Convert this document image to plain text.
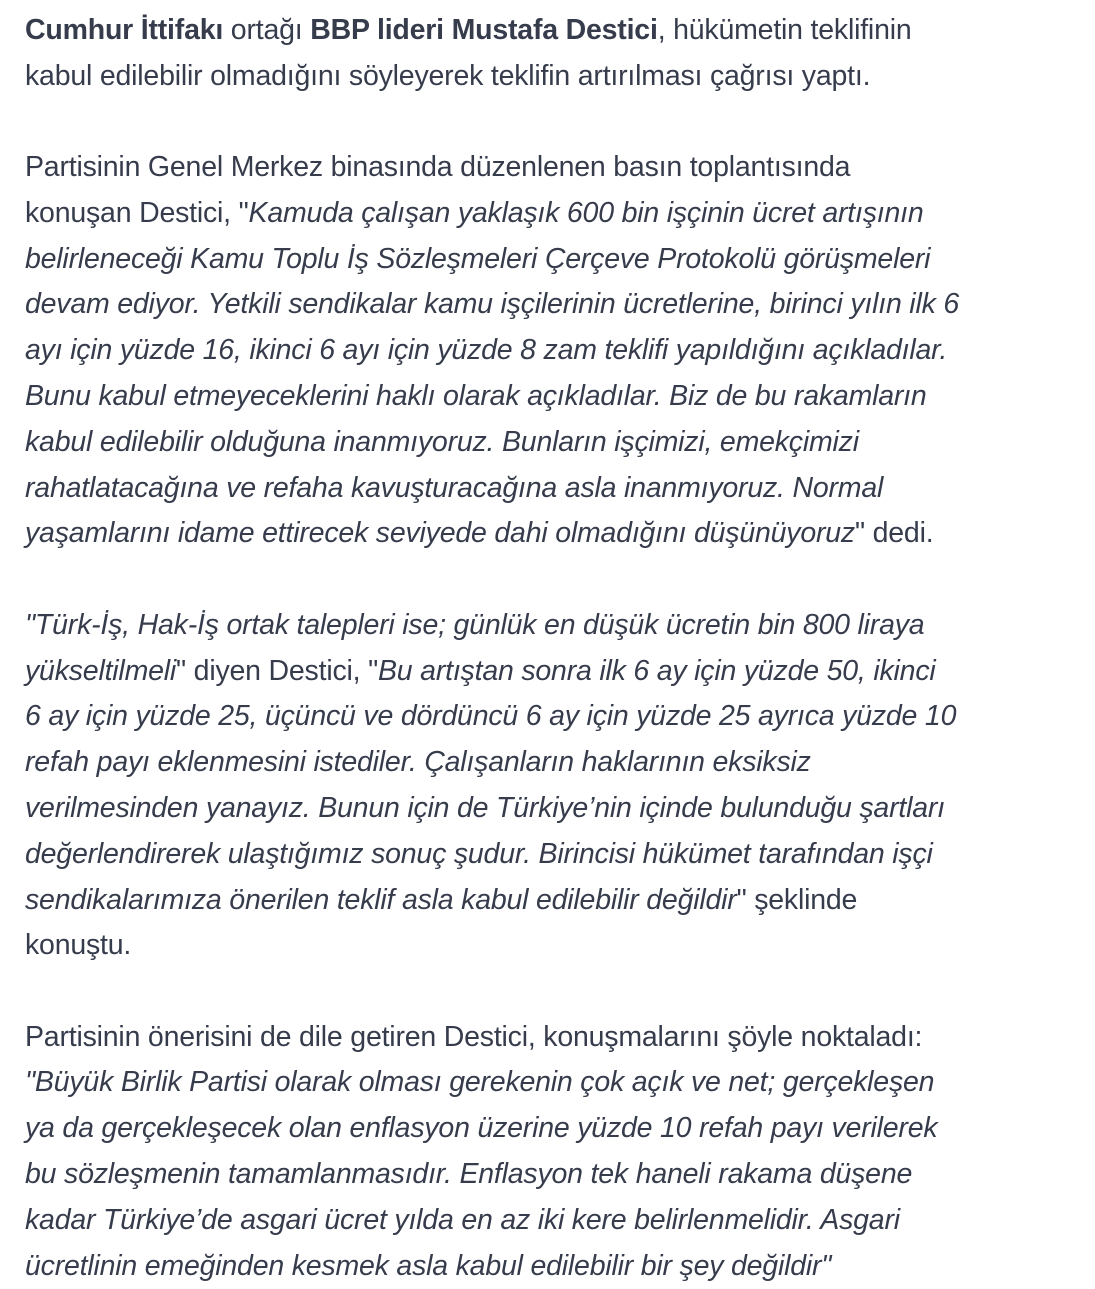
Cumhur İttifakı ortağı BBP lideri Mustafa Destici, hükümetin teklifinin
kabul edilebilir olmadığını söyleyerek teklifin artırılması çağrısı yaptı.

Partisinin Genel Merkez binasında düzenlenen basın toplantısında
konuşan Destici, "Kamuda çalışan yaklaşık 600 bin işçinin ücret artışının
belirleneceği Kamu Toplu İş Sözleşmeleri Çerçeve Protokolü görüşmeleri
devam ediyor. Yetkili sendikalar kamu işçilerinin ücretlerine, birinci yılın ilk 6
ayı için yüzde 16, ikinci 6 ayı için yüzde 8 zam teklifi yapıldığını açıkladılar.
Bunu kabul etmeyeceklerini haklı olarak açıkladılar. Biz de bu rakamların
kabul edilebilir olduğuna inanmıyoruz. Bunların işçimizi, emekçimizi
rahatlatacağına ve refaha kavuşturacağına asla inanmıyoruz. Normal
yaşamlarını idame ettirecek seviyede dahi olmadığını düşünüyoruz" dedi.

"Türk-İş, Hak-İş ortak talepleri ise; günlük en düşük ücretin bin 800 liraya
yükseltilmeli" diyen Destici, "Bu artıştan sonra ilk 6 ay için yüzde 50, ikinci
6 ay için yüzde 25, üçüncü ve dördüncü 6 ay için yüzde 25 ayrıca yüzde 10
refah payı eklenmesini istediler. Çalışanların haklarının eksiksiz
verilmesinden yanayız. Bunun için de Türkiye’nin içinde bulunduğu şartları
değerlendirerek ulaştığımız sonuç şudur. Birincisi hükümet tarafından işçi
sendikalarımıza önerilen teklif asla kabul edilebilir değildir" şeklinde
konuştu.

Partisinin önerisini de dile getiren Destici, konuşmalarını şöyle noktaladı:
"Büyük Birlik Partisi olarak olması gerekenin çok açık ve net; gerçekleşen
ya da gerçekleşecek olan enflasyon üzerine yüzde 10 refah payı verilerek
bu sözleşmenin tamamlanmasıdır. Enflasyon tek haneli rakama düşene
kadar Türkiye’de asgari ücret yılda en az iki kere belirlenmelidir. Asgari
ücretlinin emeğinden kesmek asla kabul edilebilir bir şey değildir"
